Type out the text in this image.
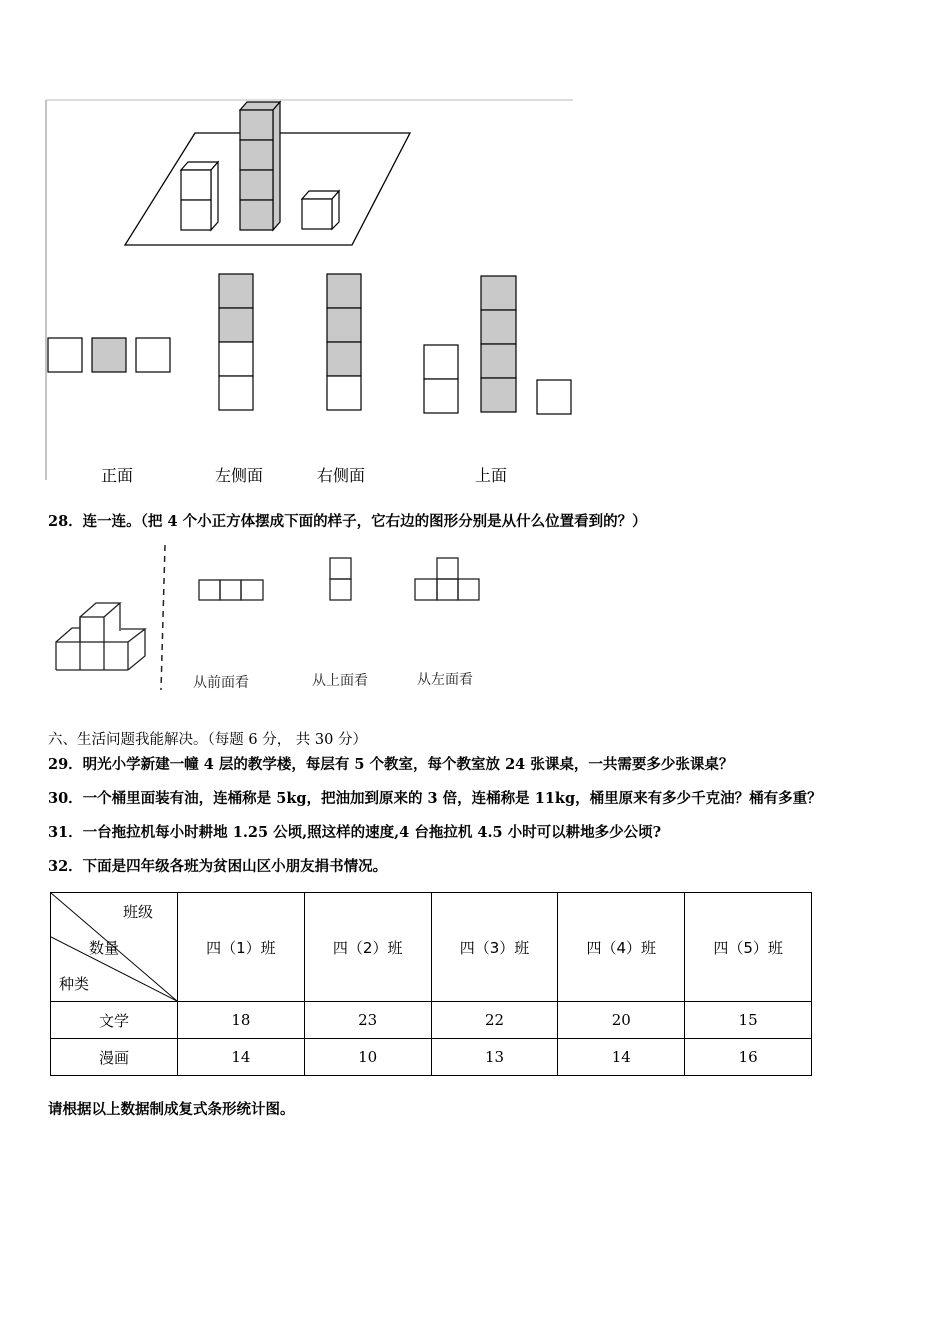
正面	左侧面	右侧面	上面
28．连一连。（把 4 个小正方体摆成下面的样子，它右边的图形分别是从什么位置看到的？）
从前面看	从上面看	从左面看
六、生活问题我能解决。（每题 6 分， 共 30 分）
29．明光小学新建一幢 4 层的教学楼，每层有 5 个教室，每个教室放 24 张课桌，一共需要多少张课桌？
30．一个桶里面装有油，连桶称是 5kg，把油加到原来的 3 倍，连桶称是 11kg，桶里原来有多少千克油？桶有多重？
31．一台拖拉机每小时耕地 1.25 公顷,照这样的速度,4 台拖拉机 4.5 小时可以耕地多少公顷?
32．下面是四年级各班为贫困山区小朋友捐书情况。
班级
数量
种类	四（1）班	四（2）班	四（3）班	四（4）班	四（5）班
文学	18	23	22	20	15
漫画	14	10	13	14	16
请根据以上数据制成复式条形统计图。
